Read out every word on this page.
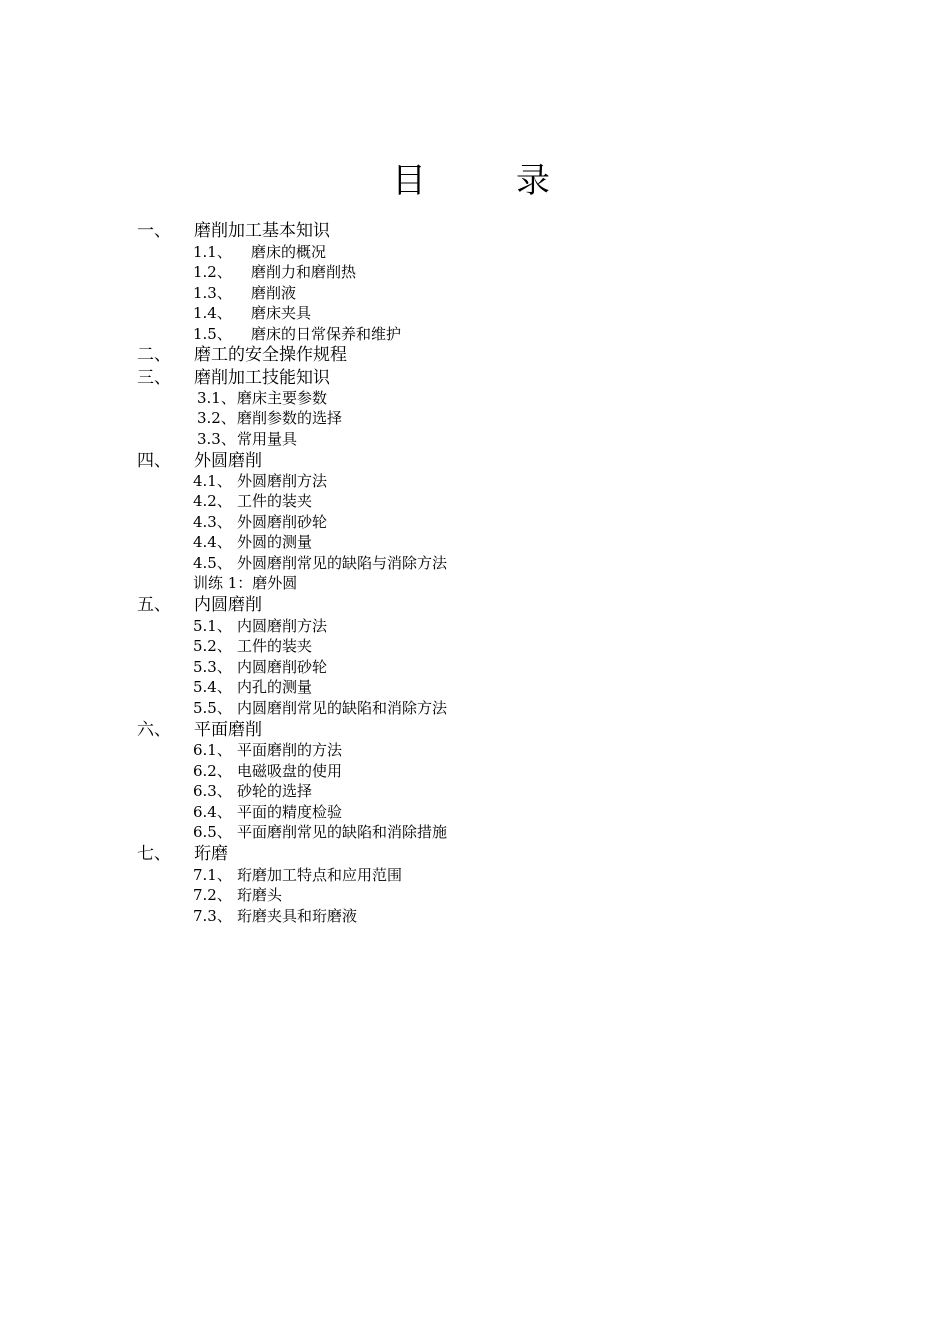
目　录
一、 磨削加工基本知识
1.1、 磨床的概况
1.2、 磨削力和磨削热
1.3、 磨削液
1.4、 磨床夹具
1.5、 磨床的日常保养和维护
二、 磨工的安全操作规程
三、 磨削加工技能知识
3.1、磨床主要参数
3.2、磨削参数的选择
3.3、常用量具
四、 外圆磨削
4.1、 外圆磨削方法
4.2、 工件的装夹
4.3、 外圆磨削砂轮
4.4、 外圆的测量
4.5、 外圆磨削常见的缺陷与消除方法
训练 1：磨外圆
五、 内圆磨削
5.1、 内圆磨削方法
5.2、 工件的装夹
5.3、 内圆磨削砂轮
5.4、 内孔的测量
5.5、 内圆磨削常见的缺陷和消除方法
六、 平面磨削
6.1、 平面磨削的方法
6.2、 电磁吸盘的使用
6.3、 砂轮的选择
6.4、 平面的精度检验
6.5、 平面磨削常见的缺陷和消除措施
七、 珩磨
7.1、 珩磨加工特点和应用范围
7.2、 珩磨头
7.3、 珩磨夹具和珩磨液
